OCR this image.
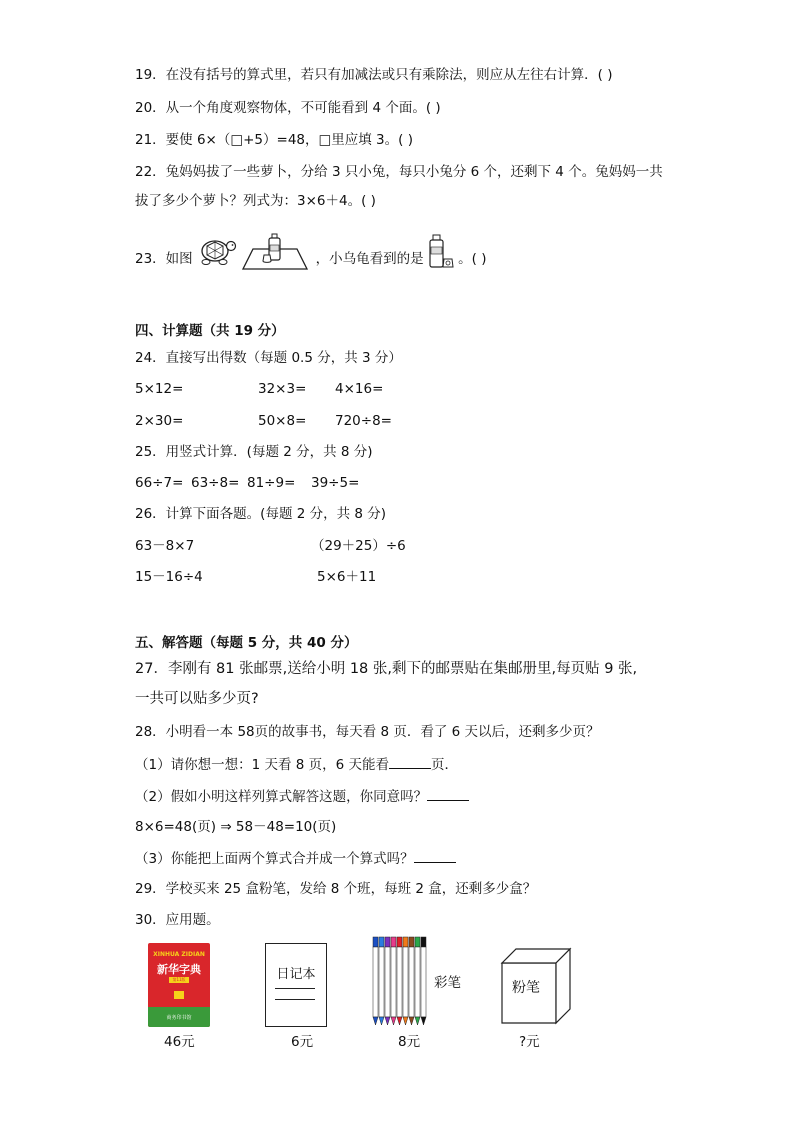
19．在没有括号的算式里，若只有加减法或只有乘除法，则应从左往右计算．( )
20．从一个角度观察物体，不可能看到 4 个面。( )
21．要使 6×（□+5）=48，□里应填 3。( )
22．兔妈妈拔了一些萝卜，分给 3 只小兔，每只小兔分 6 个，还剩下 4 个。兔妈妈一共
拔了多少个萝卜？列式为：3×6＋4。( )
23．如图	，小乌龟看到的是	。( )
四、计算题（共 19 分）
24．直接写出得数（每题 0.5 分，共 3 分）
5×12=	32×3= 4×16=
2×30=	50×8= 720÷8=
25．用竖式计算．(每题 2 分，共 8 分)
66÷7= 63÷8= 81÷9= 39÷5=
26．计算下面各题。(每题 2 分，共 8 分)
63－8×7	（29＋25）÷6
15－16÷4	5×6＋11
五、解答题（每题 5 分，共 40 分）
27．李刚有 81 张邮票,送给小明 18 张,剩下的邮票贴在集邮册里,每页贴 9 张,
一共可以贴多少页?
28．小明看一本 58页的故事书，每天看 8 页．看了 6 天以后，还剩多少页？
（1）请你想一想：1 天看 8 页，6 天能看	页．
（2）假如小明这样列算式解答这题，你同意吗？
8×6=48(页) ⇒ 58－48=10(页)
（3）你能把上面两个算式合并成一个算式吗？
29．学校买来 25 盒粉笔，发给 8 个班，每班 2 盒，还剩多少盒？
30．应用题。
XINHUA ZIDIAN
新华字典
第11版
商务印书馆
46元
日记本
6元
彩笔
8元
粉笔
?元
